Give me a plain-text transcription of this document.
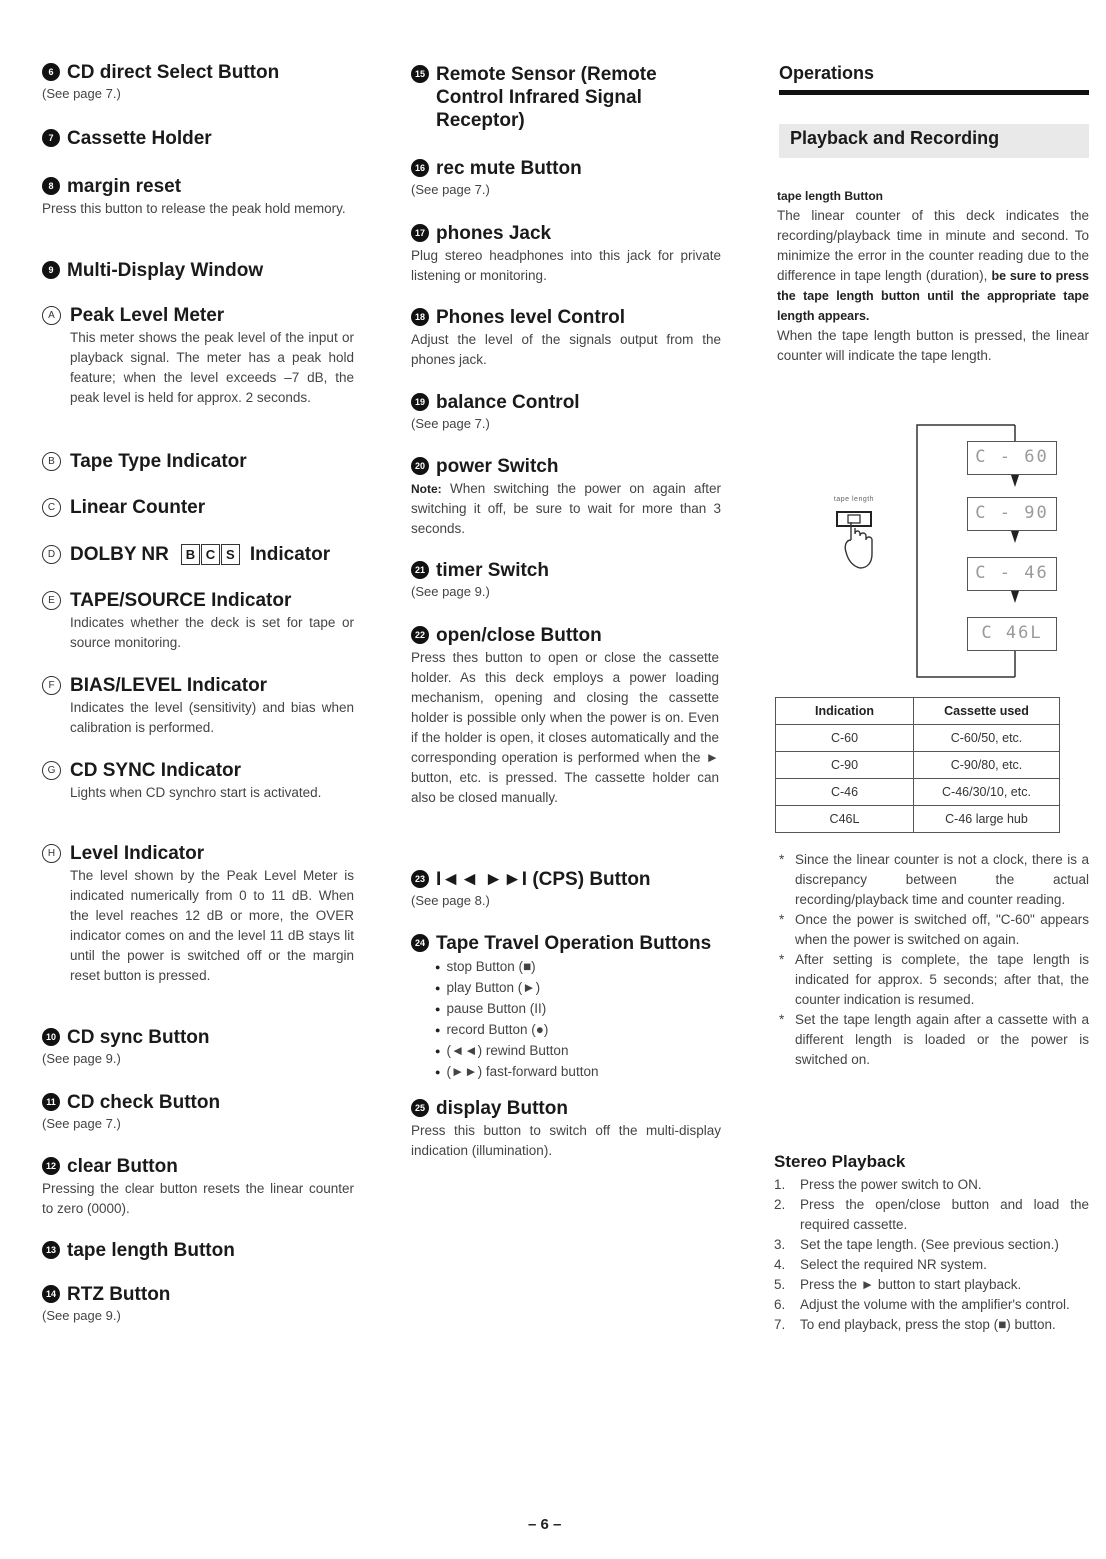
6 CD direct Select Button
(See page 7.)
7 Cassette Holder
8 margin reset
Press this button to release the peak hold memory.
9 Multi-Display Window
A Peak Level Meter
This meter shows the peak level of the input or playback signal. The meter has a peak hold feature; when the level exceeds –7 dB, the peak level is held for approx. 2 seconds.
B Tape Type Indicator
C Linear Counter
D DOLBY NR	B C S Indicator
E TAPE/SOURCE Indicator
Indicates whether the deck is set for tape or source monitoring.
F BIAS/LEVEL Indicator
Indicates the level (sensitivity) and bias when calibration is performed.
G CD SYNC Indicator
Lights when CD synchro start is activated.
H Level Indicator
The level shown by the Peak Level Meter is indicated numerically from 0 to 11 dB. When the level reaches 12 dB or more, the OVER indicator comes on and the level 11 dB stays lit until the power is switched off or the margin reset button is pressed.
10 CD sync Button
(See page 9.)
11 CD check Button
(See page 7.)
12 clear Button
Pressing the clear button resets the linear counter to zero (0000).
13 tape length Button
14 RTZ Button
(See page 9.)
15 Remote Sensor (Remote Control Infrared Signal Receptor)
16 rec mute Button
(See page 7.)
17 phones Jack
Plug stereo headphones into this jack for private listening or monitoring.
18 Phones level Control
Adjust the level of the signals output from the phones jack.
19 balance Control
(See page 7.)
20 power Switch
Note: When switching the power on again after switching it off, be sure to wait for more than 3 seconds.
21 timer Switch
(See page 9.)
22 open/close Button
Press thes button to open or close the cassette holder. As this deck employs a power loading mechanism, opening and closing the cassette holder is possible only when the power is on. Even if the holder is open, it closes automatically and the corresponding operation is performed when the ► button, etc. is pressed. The cassette holder can also be closed manually.
23 I◄◄ ►►I (CPS) Button
(See page 8.)
24 Tape Travel Operation Buttons
● stop Button (■)
● play Button (►)
● pause Button (II)
● record Button (●)
● (◄◄) rewind Button
● (►►) fast-forward button
25 display Button
Press this button to switch off the multi-display indication (illumination).
Operations
Playback and Recording
tape length Button
The linear counter of this deck indicates the recording/playback time in minute and second. To minimize the error in the counter reading due to the difference in tape length (duration), be sure to press the tape length button until the appropriate tape length appears.
When the tape length button is pressed, the linear counter will indicate the tape length.
tape length
C - 60
C - 90
C - 46
C 46L
Indication	Cassette used
C-60	C-60/50, etc.
C-90	C-90/80, etc.
C-46	C-46/30/10, etc.
C46L	C-46 large hub
* Since the linear counter is not a clock, there is a discrepancy between the actual recording/playback time and counter reading.
* Once the power is switched off, "C-60" appears when the power is switched on again.
* After setting is complete, the tape length is indicated for approx. 5 seconds; after that, the counter indication is resumed.
* Set the tape length again after a cassette with a different length is loaded or the power is switched on.
Stereo Playback
1. Press the power switch to ON.
2. Press the open/close button and load the required cassette.
3. Set the tape length. (See previous section.)
4. Select the required NR system.
5. Press the ► button to start playback.
6. Adjust the volume with the amplifier's control.
7. To end playback, press the stop (■) button.
– 6 –
